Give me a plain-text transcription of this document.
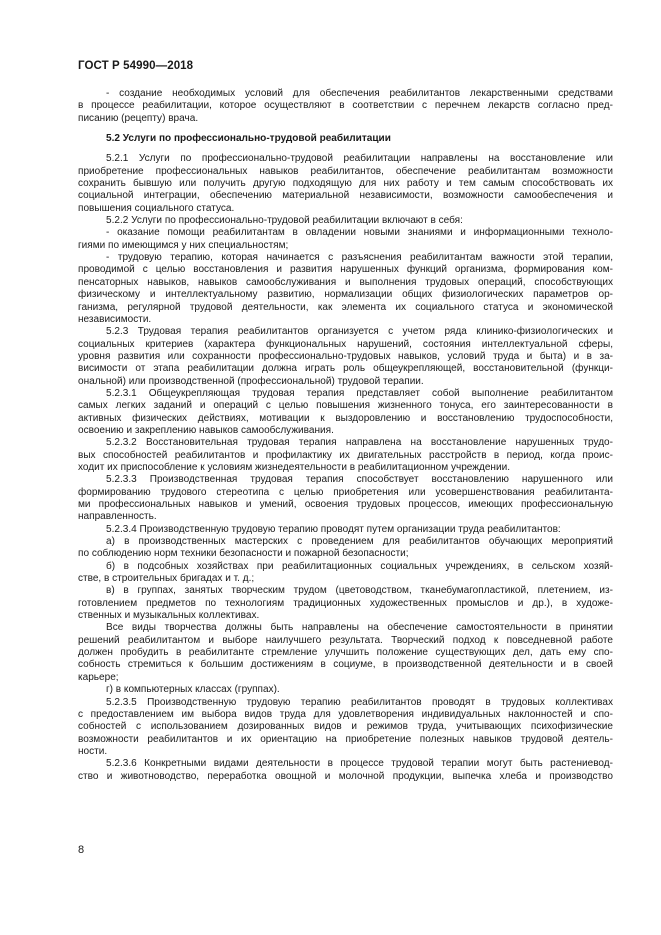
ГОСТ Р 54990—2018
- создание необходимых условий для обеспечения реабилитантов лекарственными средствами
в процессе реабилитации, которое осуществляют в соответствии с перечнем лекарств согласно пред-
писанию (рецепту) врача.
5.2 Услуги по профессионально-трудовой реабилитации
5.2.1 Услуги по профессионально-трудовой реабилитации направлены на восстановление или
приобретение профессиональных навыков реабилитантов, обеспечение реабилитантам возможности
сохранить бывшую или получить другую подходящую для них работу и тем самым способствовать их
социальной интеграции, обеспечению материальной независимости, возможности самообеспечения и
повышения социального статуса.
5.2.2 Услуги по профессионально-трудовой реабилитации включают в себя:
- оказание помощи реабилитантам в овладении новыми знаниями и информационными техноло-
гиями по имеющимся у них специальностям;
- трудовую терапию, которая начинается с разъяснения реабилитантам важности этой терапии,
проводимой с целью восстановления и развития нарушенных функций организма, формирования ком-
пенсаторных навыков, навыков самообслуживания и выполнения трудовых операций, способствующих
физическому и интеллектуальному развитию, нормализации общих физиологических параметров ор-
ганизма, регулярной трудовой деятельности, как элемента их социального статуса и экономической
независимости.
5.2.3 Трудовая терапия реабилитантов организуется с учетом ряда клинико-физиологических и
социальных критериев (характера функциональных нарушений, состояния интеллектуальной сферы,
уровня развития или сохранности профессионально-трудовых навыков, условий труда и быта) и в за-
висимости от этапа реабилитации должна играть роль общеукрепляющей, восстановительной (функци-
ональной) или производственной (профессиональной) трудовой терапии.
5.2.3.1 Общеукрепляющая трудовая терапия представляет собой выполнение реабилитантом
самых легких заданий и операций с целью повышения жизненного тонуса, его заинтересованности в
активных физических действиях, мотивации к выздоровлению и восстановлению трудоспособности,
освоению и закреплению навыков самообслуживания.
5.2.3.2 Восстановительная трудовая терапия направлена на восстановление нарушенных трудо-
вых способностей реабилитантов и профилактику их двигательных расстройств в период, когда проис-
ходит их приспособление к условиям жизнедеятельности в реабилитационном учреждении.
5.2.3.3 Производственная трудовая терапия способствует восстановлению нарушенного или
формированию трудового стереотипа с целью приобретения или усовершенствования реабилитанта-
ми профессиональных навыков и умений, освоения трудовых процессов, имеющих профессиональную
направленность.
5.2.3.4 Производственную трудовую терапию проводят путем организации труда реабилитантов:
а) в производственных мастерских с проведением для реабилитантов обучающих мероприятий
по соблюдению норм техники безопасности и пожарной безопасности;
б) в подсобных хозяйствах при реабилитационных социальных учреждениях, в сельском хозяй-
стве, в строительных бригадах и т. д.;
в) в группах, занятых творческим трудом (цветоводством, тканебумагопластикой, плетением, из-
готовлением предметов по технологиям традиционных художественных промыслов и др.), в художе-
ственных и музыкальных коллективах.
Все виды творчества должны быть направлены на обеспечение самостоятельности в принятии
решений реабилитантом и выборе наилучшего результата. Творческий подход к повседневной работе
должен пробудить в реабилитанте стремление улучшить положение существующих дел, дать ему спо-
собность стремиться к большим достижениям в социуме, в производственной деятельности и в своей
карьере;
г) в компьютерных классах (группах).
5.2.3.5 Производственную трудовую терапию реабилитантов проводят в трудовых коллективах
с предоставлением им выбора видов труда для удовлетворения индивидуальных наклонностей и спо-
собностей с использованием дозированных видов и режимов труда, учитывающих психофизические
возможности реабилитантов и их ориентацию на приобретение полезных навыков трудовой деятель-
ности.
5.2.3.6 Конкретными видами деятельности в процессе трудовой терапии могут быть растениевод-
ство и животноводство, переработка овощной и молочной продукции, выпечка хлеба и производство
8
